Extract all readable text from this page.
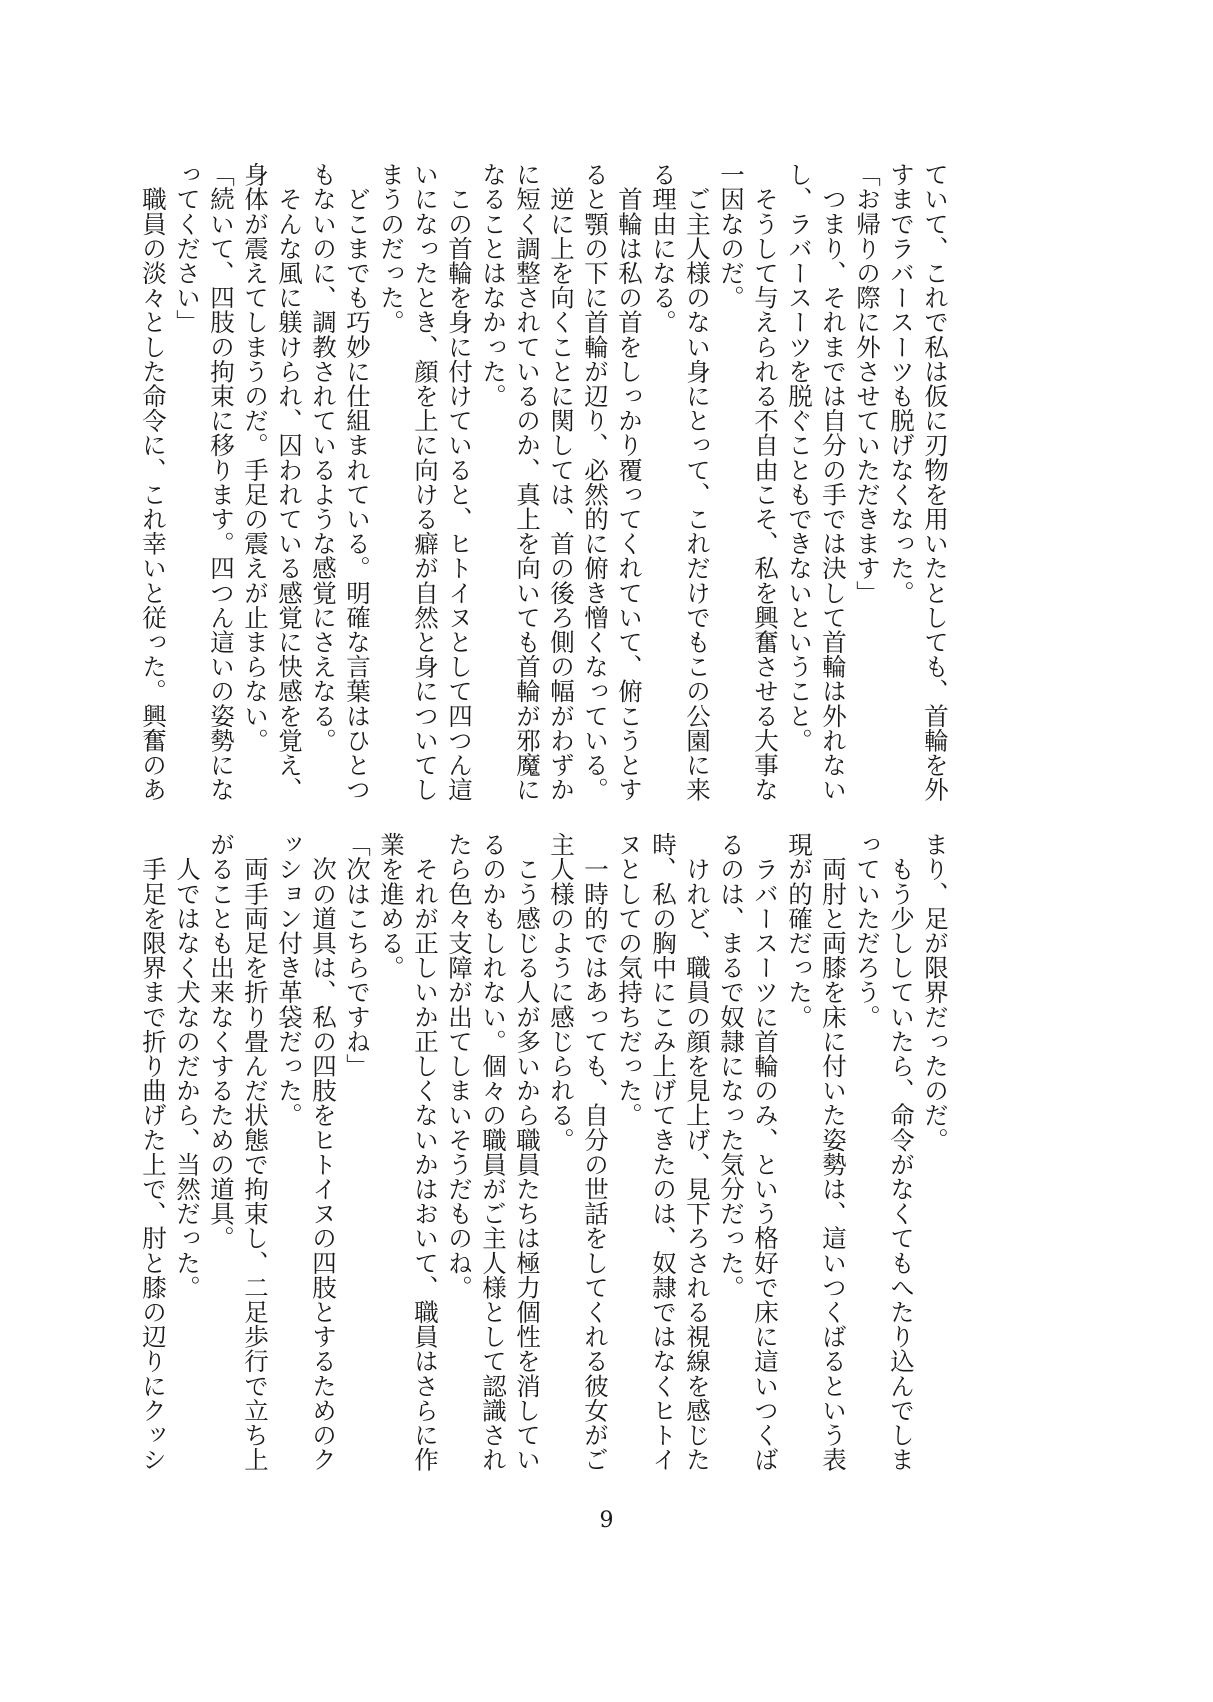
ていて、これで私は仮に刃物を用いたとしても、首輪を外
すまでラバースーツも脱げなくなった。
「お帰りの際に外させていただきます」
　つまり、それまでは自分の手では決して首輪は外れない
し、ラバースーツを脱ぐこともできないということ。
　そうして与えられる不自由こそ、私を興奮させる大事な
一因なのだ。
　ご主人様のない身にとって、これだけでもこの公園に来
る理由になる。
　首輪は私の首をしっかり覆ってくれていて、俯こうとす
ると顎の下に首輪が辺り、必然的に俯き憎くなっている。
　逆に上を向くことに関しては、首の後ろ側の幅がわずか
に短く調整されているのか、真上を向いても首輪が邪魔に
なることはなかった。
　この首輪を身に付けていると、ヒトイヌとして四つん這
いになったとき、顔を上に向ける癖が自然と身についてし
まうのだった。
　どこまでも巧妙に仕組まれている。明確な言葉はひとつ
もないのに、調教されているような感覚にさえなる。
　そんな風に躾けられ、囚われている感覚に快感を覚え、
身体が震えてしまうのだ。手足の震えが止まらない。
「続いて、四肢の拘束に移ります。四つん這いの姿勢にな
ってください」
　職員の淡々とした命令に、これ幸いと従った。興奮のあ
まり、足が限界だったのだ。
　もう少ししていたら、命令がなくてもへたり込んでしま
っていただろう。
　両肘と両膝を床に付いた姿勢は、這いつくばるという表
現が的確だった。
　ラバースーツに首輪のみ、という格好で床に這いつくば
るのは、まるで奴隷になった気分だった。
　けれど、職員の顔を見上げ、見下ろされる視線を感じた
時、私の胸中にこみ上げてきたのは、奴隷ではなくヒトイ
ヌとしての気持ちだった。
　一時的ではあっても、自分の世話をしてくれる彼女がご
主人様のように感じられる。
　こう感じる人が多いから職員たちは極力個性を消してい
るのかもしれない。個々の職員がご主人様として認識され
たら色々支障が出てしまいそうだものね。
　それが正しいか正しくないかはおいて、職員はさらに作
業を進める。
「次はこちらですね」
　次の道具は、私の四肢をヒトイヌの四肢とするためのク
ッション付き革袋だった。
　両手両足を折り畳んだ状態で拘束し、二足歩行で立ち上
がることも出来なくするための道具。
　人ではなく犬なのだから、当然だった。
　手足を限界まで折り曲げた上で、肘と膝の辺りにクッシ
9
